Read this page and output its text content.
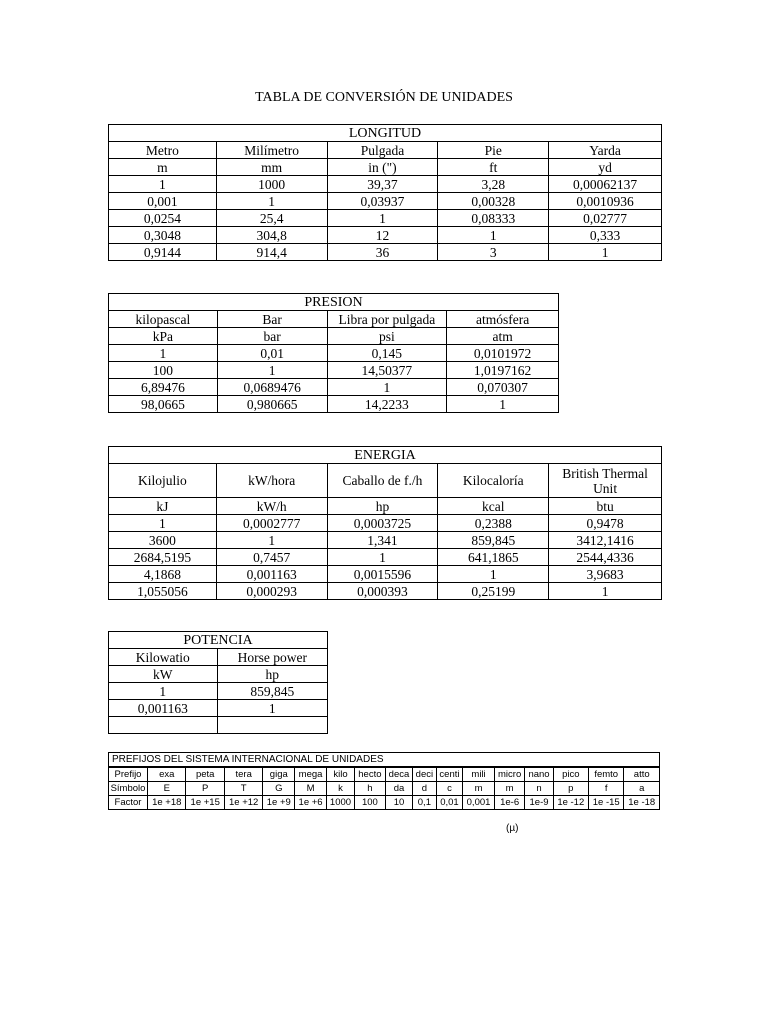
TABLA DE CONVERSIÓN DE UNIDADES
LONGITUD				
Metro	Milímetro	Pulgada	Pie	Yarda
m	mm	in (")	ft	yd
1	1000	39,37	3,28	0,00062137
0,001	1	0,03937	0,00328	0,0010936
0,0254	25,4	1	0,08333	0,02777
0,3048	304,8	12	1	0,333
0,9144	914,4	36	3	1
PRESION			
kilopascal	Bar	Libra por pulgada	atmósfera
kPa	bar	psi	atm
1	0,01	0,145	0,0101972
100	1	14,50377	1,0197162
6,89476	0,0689476	1	0,070307
98,0665	0,980665	14,2233	1
ENERGIA				
Kilojulio	kW/hora	Caballo de f./h	Kilocaloría	British Thermal Unit
kJ	kW/h	hp	kcal	btu
1	0,0002777	0,0003725	0,2388	0,9478
3600	1	1,341	859,845	3412,1416
2684,5195	0,7457	1	641,1865	2544,4336
4,1868	0,001163	0,0015596	1	3,9683
1,055056	0,000293	0,000393	0,25199	1
POTENCIA	
Kilowatio	Horse power
kW	hp
1	859,845
0,001163	1

PREFIJOS DEL SISTEMA INTERNACIONAL DE UNIDADES																
Prefijo	exa	peta	tera	giga	mega	kilo	hecto	deca	deci	centi	mili	micro	nano	pico	femto	atto
Símbolo	E	P	T	G	M	k	h	da	d	c	m	m	n	p	f	a
Factor	1e +18	1e +15	1e +12	1e +9	1e +6	1000	100	10	0,1	0,01	0,001	1e-6	1e-9	1e -12	1e -15	1e -18
(µ)
